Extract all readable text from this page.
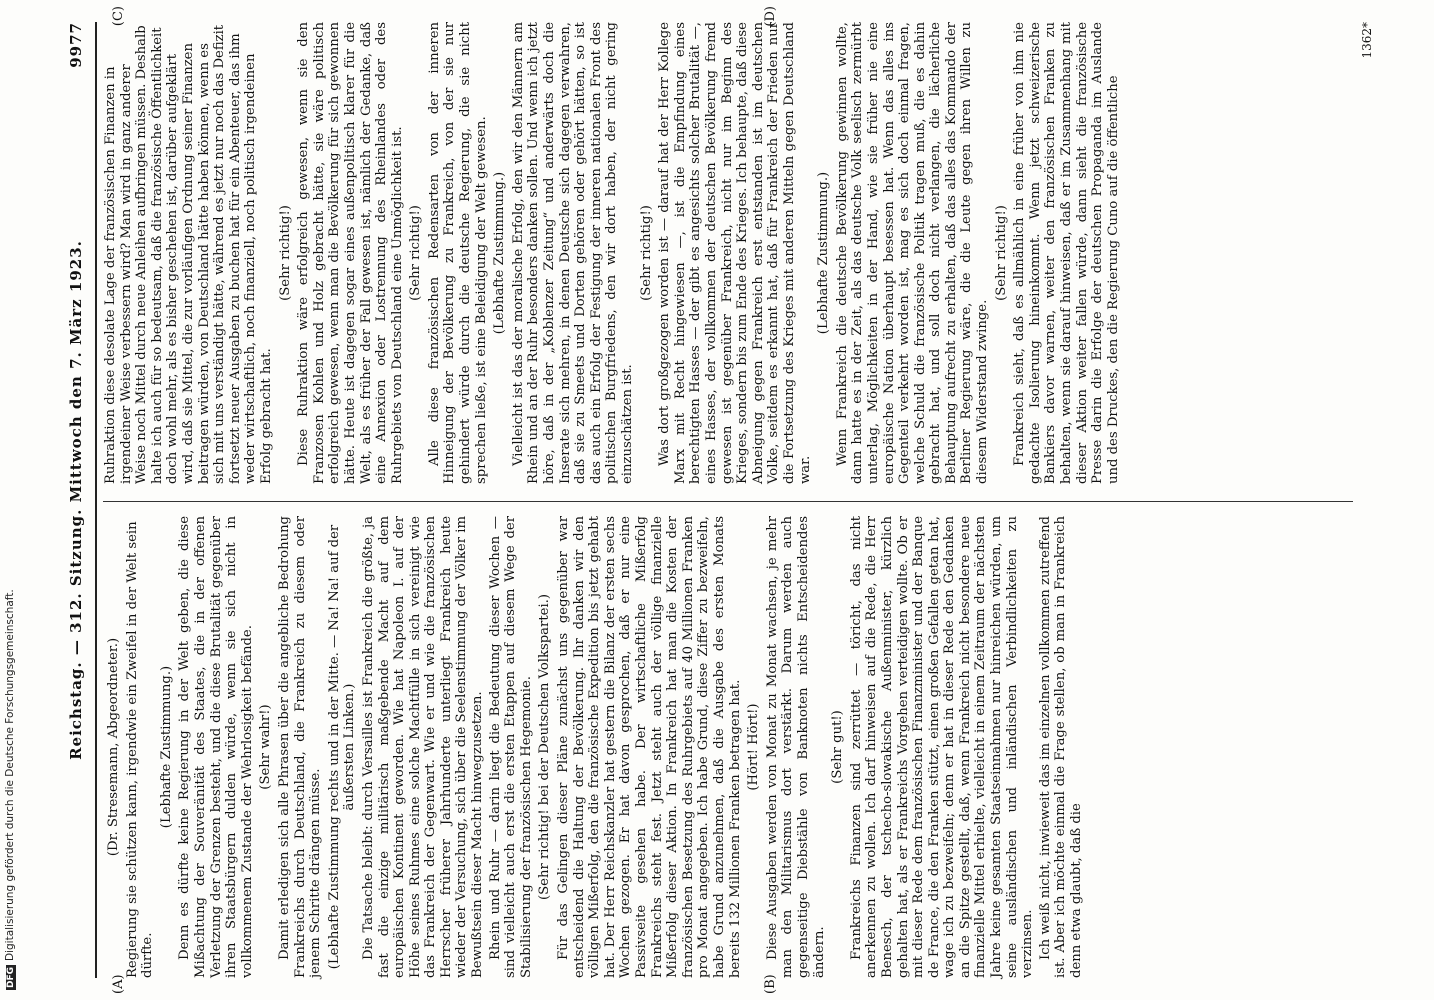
Reichstag. — 312. Sitzung. Mittwoch den 7. März 1923.
9977
(A)	(B)

(Dr. Stresemann, Abgeordneter.) Regierung sie schützen kann, irgendwie ein Zweifel in der Welt sein dürfte.

(Lebhafte Zustimmung.) Denn es dürfte keine Regierung in der Welt geben, die diese Mißachtung der Souveränität des Staates, die in der offenen Verletzung der Grenzen besteht, und die diese Brutalität gegenüber ihren Staatsbürgern dulden würde, wenn sie sich nicht in vollkommenem Zustande der Wehrlosigkeit befände. (Sehr wahr!) Damit erledigen sich alle Phrasen über die angebliche Bedrohung Frankreichs durch Deutschland, die Frankreich zu diesem oder jenem Schritte drängen müsse. (Lebhafte Zustimmung rechts und in der Mitte. — Na! Na! auf der äußersten Linken.) Die Tatsache bleibt: durch Versailles ist Frankreich die größte, ja fast die einzige militärisch maßgebende Macht auf dem europäischen Kontinent geworden. Wie hat Napoleon I. auf der Höhe seines Ruhmes eine solche Machtfülle in sich vereinigt wie das Frankreich der Gegenwart. Wie er und wie die französischen Herrscher früherer Jahrhunderte unterliegt Frankreich heute wieder der Versuchung, sich über die Seelenstimmung der Völker im Bewußtsein dieser Macht hinwegzusetzen. Rhein und Ruhr — darin liegt die Bedeutung dieser Wochen — sind vielleicht auch erst die ersten Etappen auf diesem Wege der Stabilisierung der französischen Hegemonie. (Sehr richtig! bei der Deutschen Volkspartei.) Für das Gelingen dieser Pläne zunächst uns gegenüber war entscheidend die Haltung der Bevölkerung. Ihr danken wir den völligen Mißerfolg, den die französische Expedition bis jetzt gehabt hat. Der Herr Reichskanzler hat gestern die Bilanz der ersten sechs Wochen gezogen. Er hat davon gesprochen, daß er nur eine Passivseite gesehen habe. Der wirtschaftliche Mißerfolg Frankreichs steht fest. Jetzt steht auch der völlige finanzielle Mißerfolg dieser Aktion. In Frankreich hat man die Kosten der französischen Besetzung des Ruhrgebiets auf 40 Millionen Franken pro Monat angegeben. Ich habe Grund, diese Ziffer zu bezweifeln, habe Grund anzunehmen, daß die Ausgabe des ersten Monats bereits 132 Millionen Franken betragen hat. (Hört! Hört!) Diese Ausgaben werden von Monat zu Monat wachsen, je mehr man den Militarismus dort verstärkt. Darum werden auch gegenseitige Diebstähle von Banknoten nichts Entscheidendes ändern.

(Sehr gut!) Frankreichs Finanzen sind zerrüttet — töricht, das nicht anerkennen zu wollen. Ich darf hinweisen auf die Rede, die Herr Benesch, der tschecho-slowakische Außenminister, kürzlich gehalten hat, als er Frankreichs Vorgehen verteidigen wollte. Ob er mit dieser Rede dem französischen Finanzminister und der Banque de France, die den Franken stützt, einen großen Gefallen getan hat, wage ich zu bezweifeln; denn er hat in dieser Rede den Gedanken an die Spitze gestellt, daß, wenn Frankreich nicht besondere neue finanzielle Mittel erhielte, vielleicht in einem Zeitraum der nächsten Jahre keine gesamten Staatseinnahmen nur hinreichen würden, um seine ausländischen und inländischen Verbindlichkeiten zu verzinsen. Ich weiß nicht, inwieweit das im einzelnen vollkommen zutreffend ist. Aber ich möchte einmal die Frage stellen, ob man in Frankreich denn etwa glaubt, daß die

(C)	(D)

Ruhraktion diese desolate Lage der französischen Finanzen in irgendeiner Weise verbessern wird? Man wird in ganz anderer Weise noch Mittel durch neue Anleihen aufbringen müssen. Deshalb halte ich auch für so bedeutsam, daß die französische Öffentlichkeit doch wohl mehr, als es bisher geschehen ist, darüber aufgeklärt wird, daß sie Mittel, die zur vorläufigen Ordnung seiner Finanzen beitragen würden, von Deutschland hätte haben können, wenn es sich mit uns verständigt hätte, während es jetzt nur noch das Defizit fortsetzt neuer Ausgaben zu buchen hat für ein Abenteuer, das ihm weder wirtschaftlich, noch finanziell, noch politisch irgendeinen Erfolg gebracht hat.

(Sehr richtig!) Diese Ruhraktion wäre erfolgreich gewesen, wenn sie den Franzosen Kohlen und Holz gebracht hätte, sie wäre politisch erfolgreich gewesen, wenn man die Bevölkerung für sich gewonnen hätte. Heute ist dagegen sogar eines außenpolitisch klarer für die Welt, als es früher der Fall gewesen ist, nämlich der Gedanke, daß eine Annexion oder Lostrennung des Rheinlandes oder des Ruhrgebiets von Deutschland eine Unmöglichkeit ist. (Sehr richtig!) Alle diese französischen Redensarten von der inneren Hinneigung der Bevölkerung zu Frankreich, von der sie nur gehindert würde durch die deutsche Regierung, die sie nicht sprechen ließe, ist eine Beleidigung der Welt gewesen. (Lebhafte Zustimmung.) Vielleicht ist das der moralische Erfolg, den wir den Männern am Rhein und an der Ruhr besonders danken sollen. Und wenn ich jetzt höre, daß in der „Koblenzer Zeitung“ und anderwärts doch die Inserate sich mehren, in denen Deutsche sich dagegen verwahren, daß sie zu Smeets und Dorten gehören oder gehört hätten, so ist das auch ein Erfolg der Festigung der inneren nationalen Front des politischen Burgfriedens, den wir dort haben, der nicht gering einzuschätzen ist.

(Sehr richtig!) Was dort großgezogen worden ist — darauf hat der Herr Kollege Marx mit Recht hingewiesen —, ist die Empfindung eines berechtigten Hasses — der gibt es angesichts solcher Brutalität —, eines Hasses, der vollkommen der deutschen Bevölkerung fremd gewesen ist gegenüber Frankreich, nicht nur im Beginn des Krieges, sondern bis zum Ende des Krieges. Ich behaupte, daß diese Abneigung gegen Frankreich erst entstanden ist im deutschen Volke, seitdem es erkannt hat, daß für Frankreich der Frieden nur die Fortsetzung des Krieges mit anderen Mitteln gegen Deutschland war.

(Lebhafte Zustimmung.) Wenn Frankreich die deutsche Bevölkerung gewinnen wollte, dann hatte es in der Zeit, als das deutsche Volk seelisch zermürbt unterlag, Möglichkeiten in der Hand, wie sie früher nie eine europäische Nation überhaupt besessen hat. Wenn das alles ins Gegenteil verkehrt worden ist, mag es sich doch einmal fragen, welche Schuld die französische Politik tragen muß, die es dahin gebracht hat, und soll doch nicht verlangen, die lächerliche Behauptung aufrecht zu erhalten, daß das alles das Kommando der Berliner Regierung wäre, die die Leute gegen ihren Willen zu diesem Widerstand zwinge.

(Sehr richtig!) Frankreich sieht, daß es allmählich in eine früher von ihm nie gedachte Isolierung hineinkommt. Wenn jetzt schweizerische Bankiers davor warnen, weiter den französischen Franken zu behalten, wenn sie darauf hinweisen, daß er im Zusammenhang mit dieser Aktion weiter fallen würde, dann sieht die französische Presse darin die Erfolge der deutschen Propaganda im Auslande und des Druckes, den die Regierung Cuno auf die öffentliche

1362*
DFGDigitalisierung gefördert durch die Deutsche Forschungsgemeinschaft.
